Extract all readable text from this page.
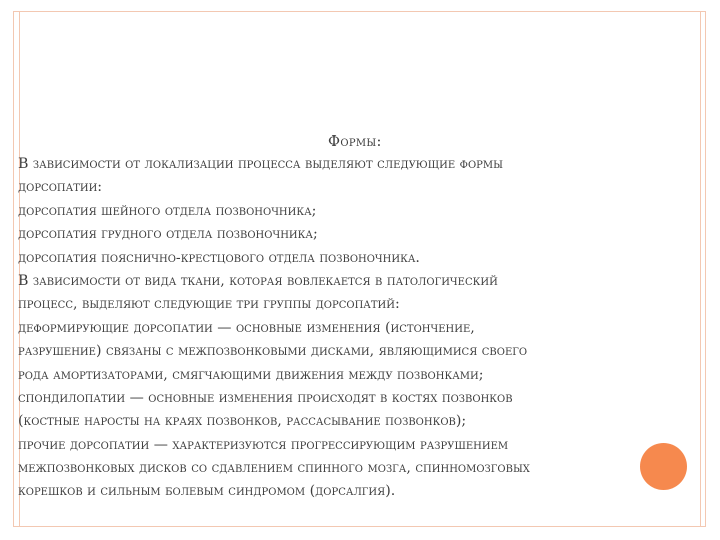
Формы:
В зависимости от локализации процесса выделяют следующие формы
дорсопатии:
дорсопатия шейного отдела позвоночника;
дорсопатия грудного отдела позвоночника;
дорсопатия пояснично-крестцового отдела позвоночника.
В зависимости от вида ткани, которая вовлекается в патологический
процесс, выделяют следующие три группы дорсопатий:
деформирующие дорсопатии — основные изменения (истончение,
разрушение) связаны с межпозвонковыми дисками, являющимися своего
рода амортизаторами, смягчающими движения между позвонками;
спондилопатии — основные изменения происходят в костях позвонков
(костные наросты на краях позвонков, рассасывание позвонков);
прочие дорсопатии — характеризуются прогрессирующим разрушением
межпозвонковых дисков со сдавлением спинного мозга, спинномозговых
корешков и сильным болевым синдромом (дорсалгия).
